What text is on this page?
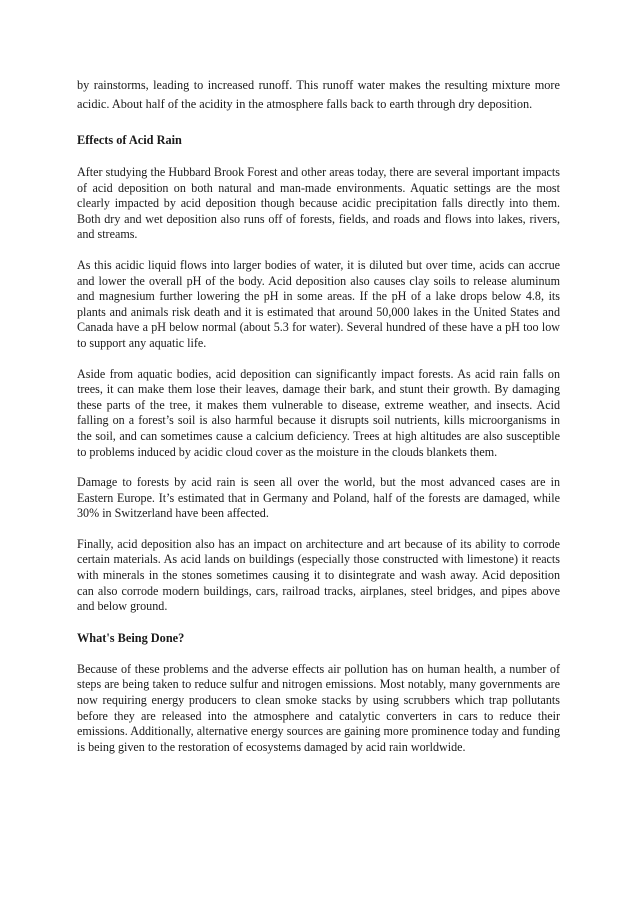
by rainstorms, leading to increased runoff. This runoff water makes the resulting mixture more acidic. About half of the acidity in the atmosphere falls back to earth through dry deposition.

Effects of Acid Rain

After studying the Hubbard Brook Forest and other areas today, there are several important impacts of acid deposition on both natural and man-made environments. Aquatic settings are the most clearly impacted by acid deposition though because acidic precipitation falls directly into them. Both dry and wet deposition also runs off of forests, fields, and roads and flows into lakes, rivers, and streams.

As this acidic liquid flows into larger bodies of water, it is diluted but over time, acids can accrue and lower the overall pH of the body. Acid deposition also causes clay soils to release aluminum and magnesium further lowering the pH in some areas. If the pH of a lake drops below 4.8, its plants and animals risk death and it is estimated that around 50,000 lakes in the United States and Canada have a pH below normal (about 5.3 for water). Several hundred of these have a pH too low to support any aquatic life.

Aside from aquatic bodies, acid deposition can significantly impact forests. As acid rain falls on trees, it can make them lose their leaves, damage their bark, and stunt their growth. By damaging these parts of the tree, it makes them vulnerable to disease, extreme weather, and insects. Acid falling on a forest’s soil is also harmful because it disrupts soil nutrients, kills microorganisms in the soil, and can sometimes cause a calcium deficiency. Trees at high altitudes are also susceptible to problems induced by acidic cloud cover as the moisture in the clouds blankets them.

Damage to forests by acid rain is seen all over the world, but the most advanced cases are in Eastern Europe. It’s estimated that in Germany and Poland, half of the forests are damaged, while 30% in Switzerland have been affected.

Finally, acid deposition also has an impact on architecture and art because of its ability to corrode certain materials. As acid lands on buildings (especially those constructed with limestone) it reacts with minerals in the stones sometimes causing it to disintegrate and wash away. Acid deposition can also corrode modern buildings, cars, railroad tracks, airplanes, steel bridges, and pipes above and below ground.

What's Being Done?

Because of these problems and the adverse effects air pollution has on human health, a number of steps are being taken to reduce sulfur and nitrogen emissions. Most notably, many governments are now requiring energy producers to clean smoke stacks by using scrubbers which trap pollutants before they are released into the atmosphere and catalytic converters in cars to reduce their emissions. Additionally, alternative energy sources are gaining more prominence today and funding is being given to the restoration of ecosystems damaged by acid rain worldwide.
